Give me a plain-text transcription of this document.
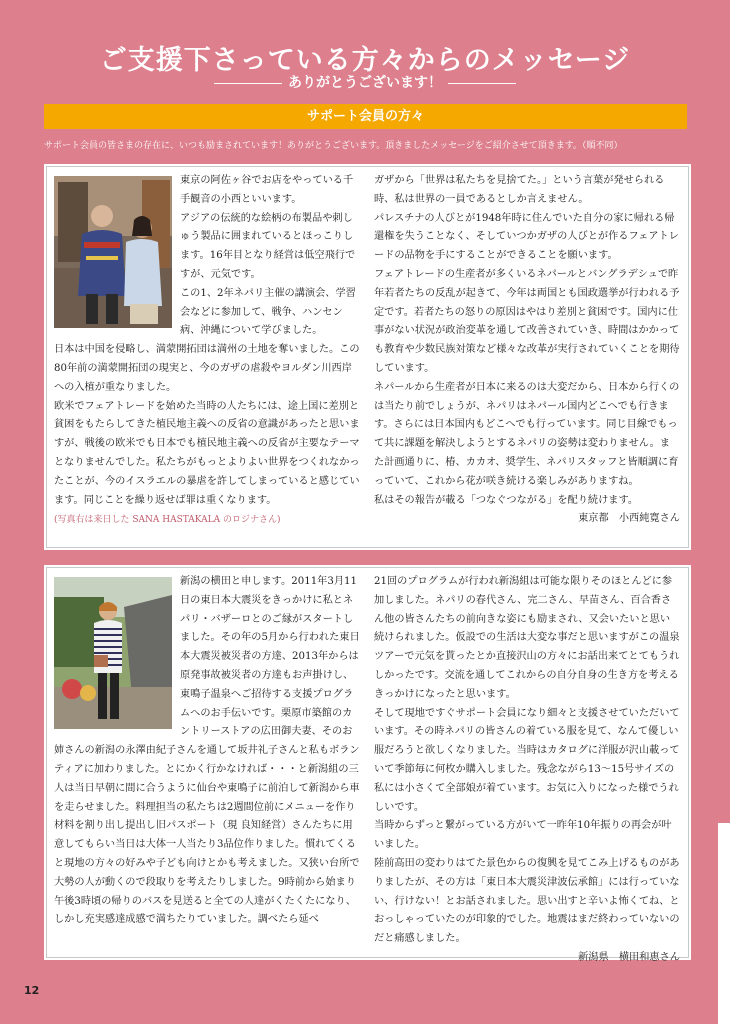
ご支援下さっている方々からのメッセージ
ありがとうございます！
サポート会員の方々
サポート会員の皆さまの存在に、いつも励まされています！ありがとうございます。頂きましたメッセージをご紹介させて頂きます。（順不同）

東京の阿佐ヶ谷でお店をやっている千手観音の小西といいます。

アジアの伝統的な絵柄の布製品や刺しゅう製品に囲まれているとほっこりします。16年目となり経営は低空飛行ですが、元気です。

この1、2年ネパリ主催の講演会、学習会などに参加して、戦争、ハンセン病、沖縄について学びました。

日本は中国を侵略し、満蒙開拓団は満州の土地を奪いました。この80年前の満蒙開拓団の現実と、今のガザの虐殺やヨルダン川西岸への入植が重なりました。

欧米でフェアトレードを始めた当時の人たちには、途上国に差別と貧困をもたらしてきた植民地主義への反省の意識があったと思いますが、戦後の欧米でも日本でも植民地主義への反省が主要なテーマとなりませんでした。私たちがもっとよりよい世界をつくれなかったことが、今のイスラエルの暴虐を許してしまっていると感じています。同じことを繰り返せば罪は重くなります。

(写真右は来日した SANA HASTAKALA のロジナさん)

ガザから「世界は私たちを見捨てた。」という言葉が発せられる時、私は世界の一員であるとしか言えません。

パレスチナの人びとが1948年時に住んでいた自分の家に帰れる帰還権を失うことなく、そしていつかガザの人びとが作るフェアトレードの品物を手にすることができることを願います。

フェアトレードの生産者が多くいるネパールとバングラデシュで昨年若者たちの反乱が起きて、今年は両国とも国政選挙が行われる予定です。若者たちの怒りの原因はやはり差別と貧困です。国内に仕事がない状況が政治変革を通して改善されていき、時間はかかっても教育や少数民族対策など様々な改革が実行されていくことを期待しています。

ネパールから生産者が日本に来るのは大変だから、日本から行くのは当たり前でしょうが、ネパリはネパール国内どこへでも行きます。さらには日本国内もどこへでも行っています。同じ目線でもって共に課題を解決しようとするネパリの姿勢は変わりません。また計画通りに、椿、カカオ、奨学生、ネパリスタッフと皆順調に育っていて、これから花が咲き続ける楽しみがありますね。

私はその報告が載る「つなぐつながる」を配り続けます。

東京都　小西純寛さん

新潟の横田と申します。2011年3月11日の東日本大震災をきっかけに私とネパリ・バザーロとのご縁がスタートしました。その年の5月から行われた東日本大震災被災者の方達、2013年からは原発事故被災者の方達もお声掛けし、東鳴子温泉へご招待する支援プログラムへのお手伝いです。栗原市築館のカントリーストアの広田御夫妻、そのお姉さんの新潟の永澤由紀子さんを通して坂井礼子さんと私もボランティアに加わりました。とにかく行かなければ・・・と新潟組の三人は当日早朝に間に合うように仙台や東鳴子に前泊して新潟から車を走らせました。料理担当の私たちは2週間位前にメニューを作り材料を割り出し提出し旧パスポート（現 良知経営）さんたちに用意してもらい当日は大体一人当たり3品位作りました。慣れてくると現地の方々の好みや子ども向けとかも考えました。又狭い台所で大勢の人が動くので段取りを考えたりしました。9時前から始まり午後3時頃の帰りのバスを見送ると全ての人達がくたくたになり、しかし充実感達成感で満ちたりていました。調べたら延べ

21回のプログラムが行われ新潟組は可能な限りそのほとんどに参加しました。ネパリの春代さん、完二さん、早苗さん、百合香さん他の皆さんたちの前向きな姿にも励まされ、又会いたいと思い続けられました。仮設での生活は大変な事だと思いますがこの温泉ツアーで元気を貰ったとか直接沢山の方々にお話出来てとてもうれしかったです。交流を通してこれからの自分自身の生き方を考えるきっかけになったと思います。

そして現地ですぐサポート会員になり細々と支援させていただいています。その時ネパリの皆さんの着ている服を見て、なんて優しい服だろうと欲しくなりました。当時はカタログに洋服が沢山載っていて季節毎に何枚か購入しました。残念ながら13～15号サイズの私には小さくて全部娘が着ています。お気に入りになった様でうれしいです。

当時からずっと繋がっている方がいて一昨年10年振りの再会が叶いました。

陸前高田の変わりはてた景色からの復興を見てこみ上げるものがありましたが、その方は「東日本大震災津波伝承館」には行っていない、行けない！とお話されました。思い出すと辛いよ怖くてね、とおっしゃっていたのが印象的でした。地震はまだ終わっていないのだと痛感しました。

新潟県　横田和恵さん

12
